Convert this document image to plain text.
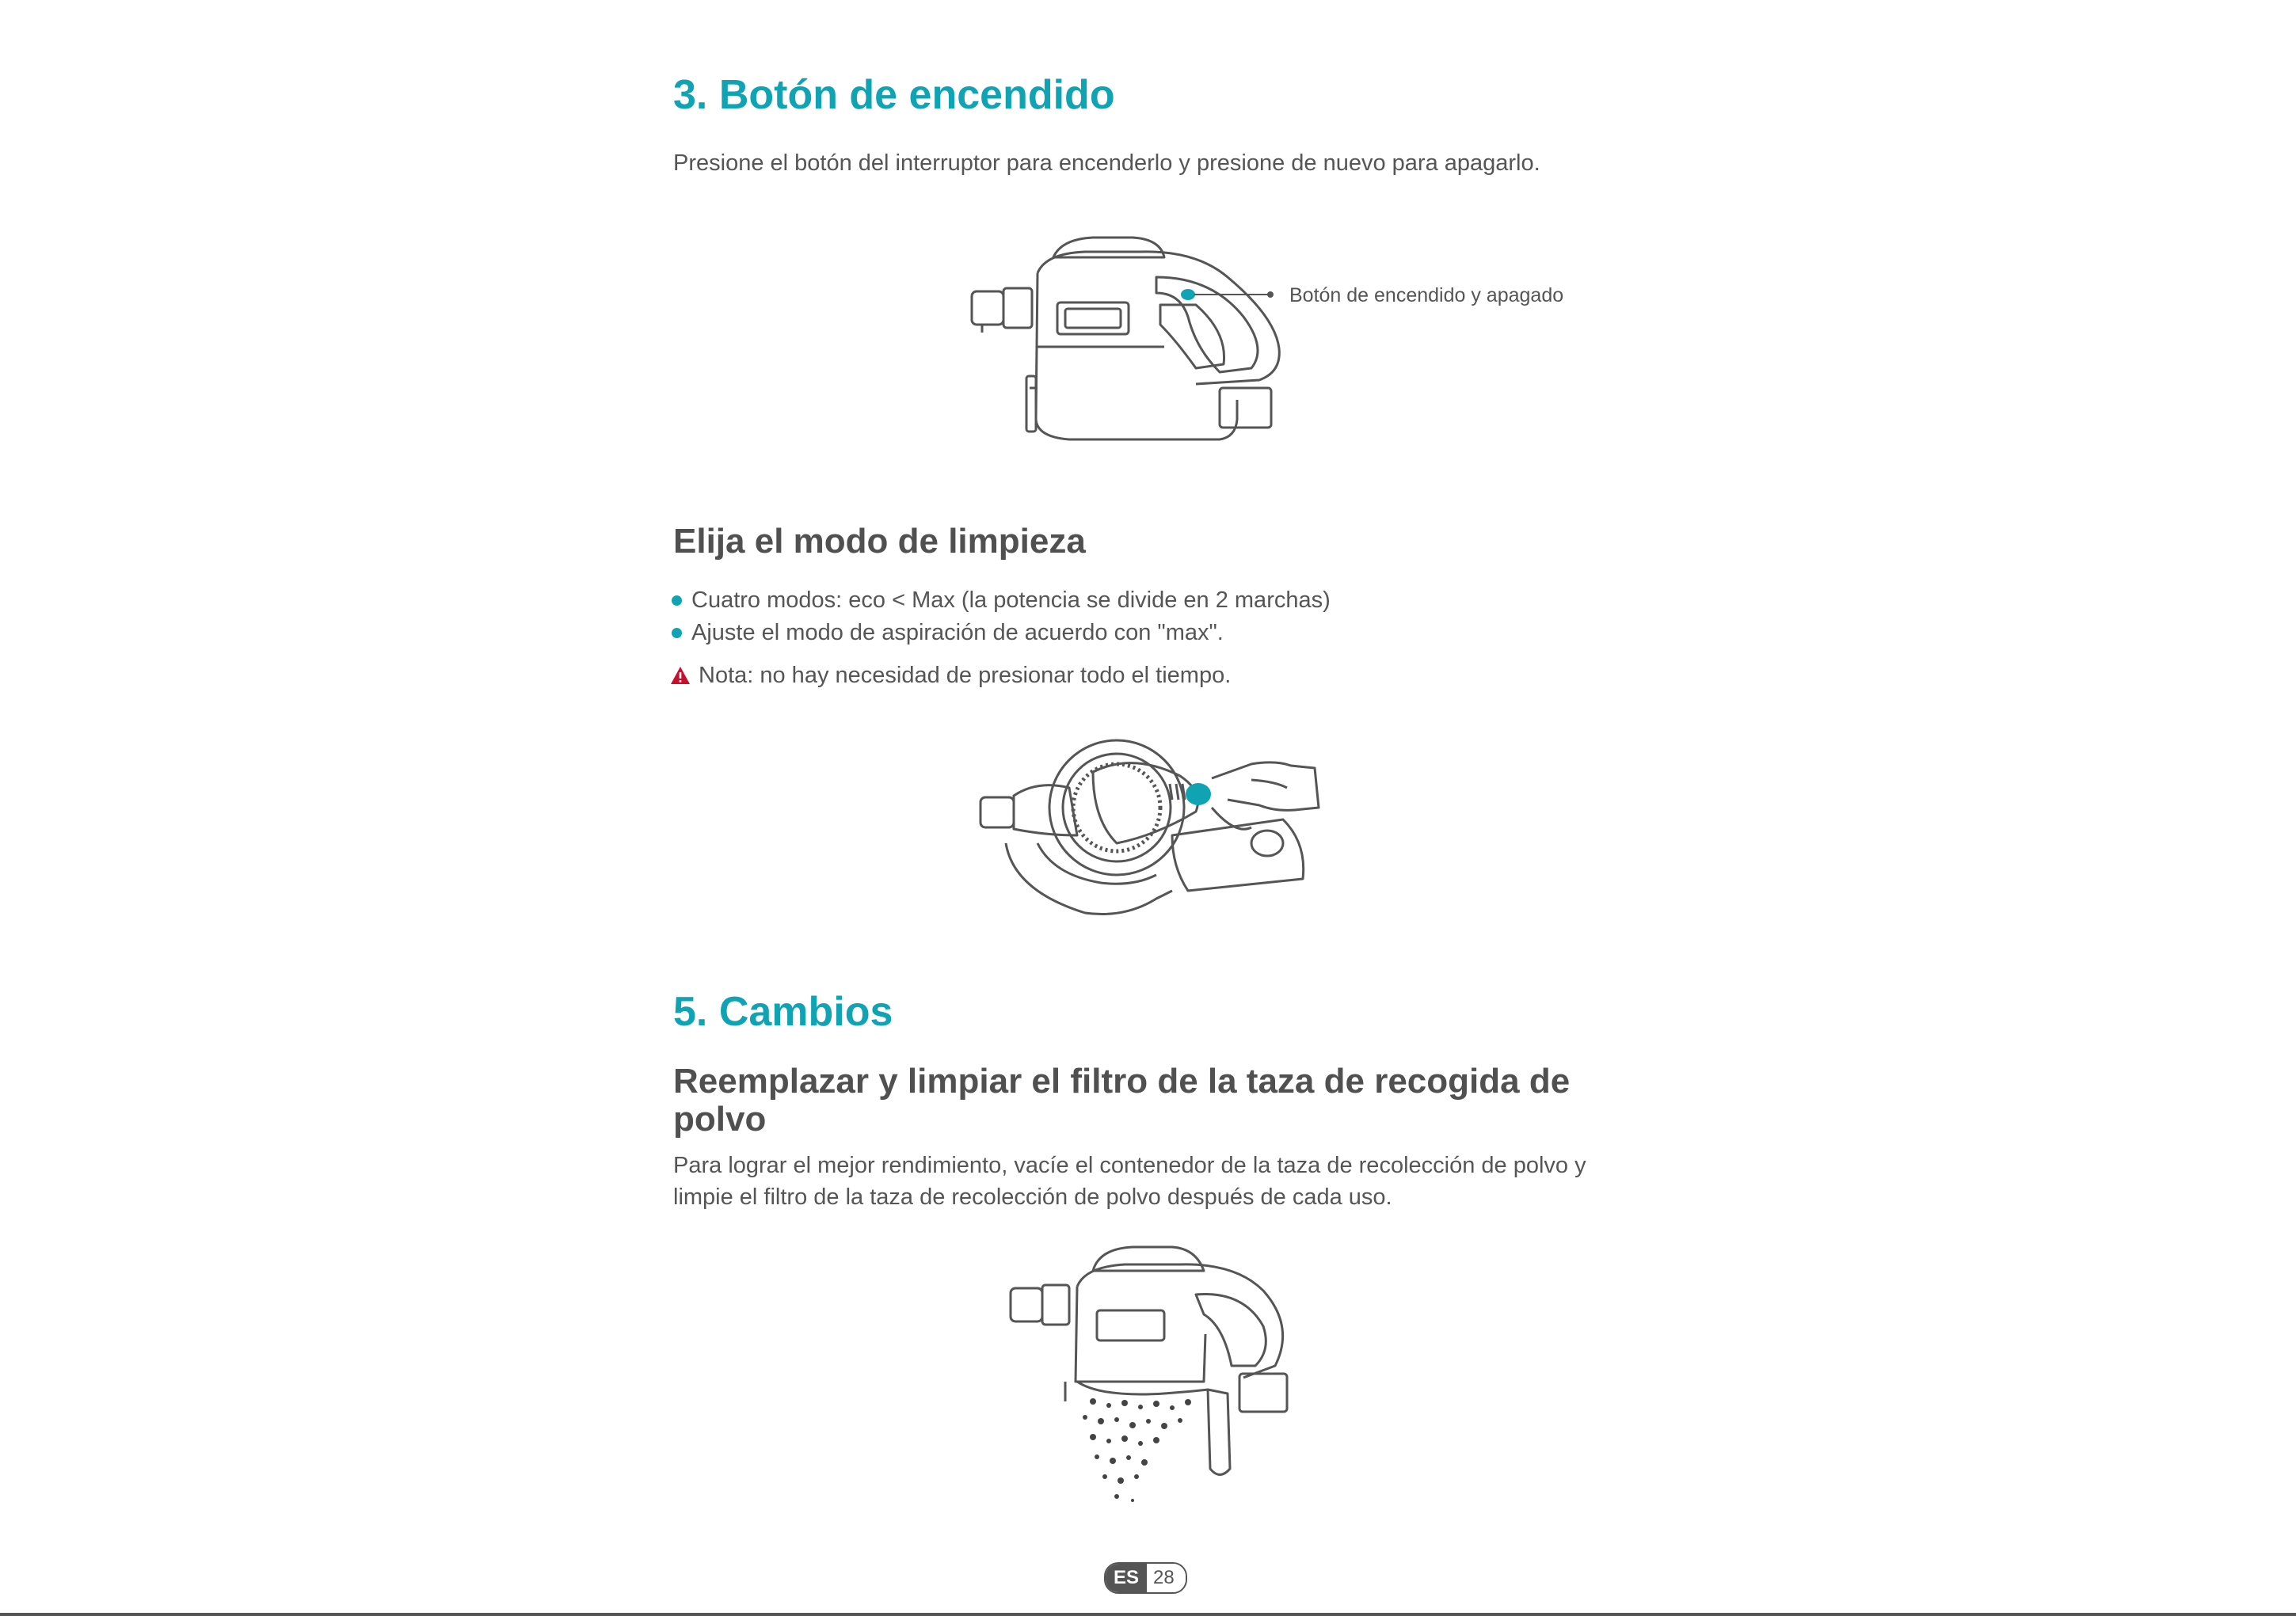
3. Botón de encendido

Presione el botón del interruptor para encenderlo y presione de nuevo para apagarlo.

Botón de encendido y apagado
Elija el modo de limpieza
Cuatro modos: eco < Max (la potencia se divide en 2 marchas)
Ajuste el modo de aspiración de acuerdo con "max".
Nota: no hay necesidad de presionar todo el tiempo.
5. Cambios
Reemplazar y limpiar el filtro de la taza de recogida de
polvo

Para lograr el mejor rendimiento, vacíe el contenedor de la taza de recolección de polvo y

limpie el filtro de la taza de recolección de polvo después de cada uso.

ES 28
